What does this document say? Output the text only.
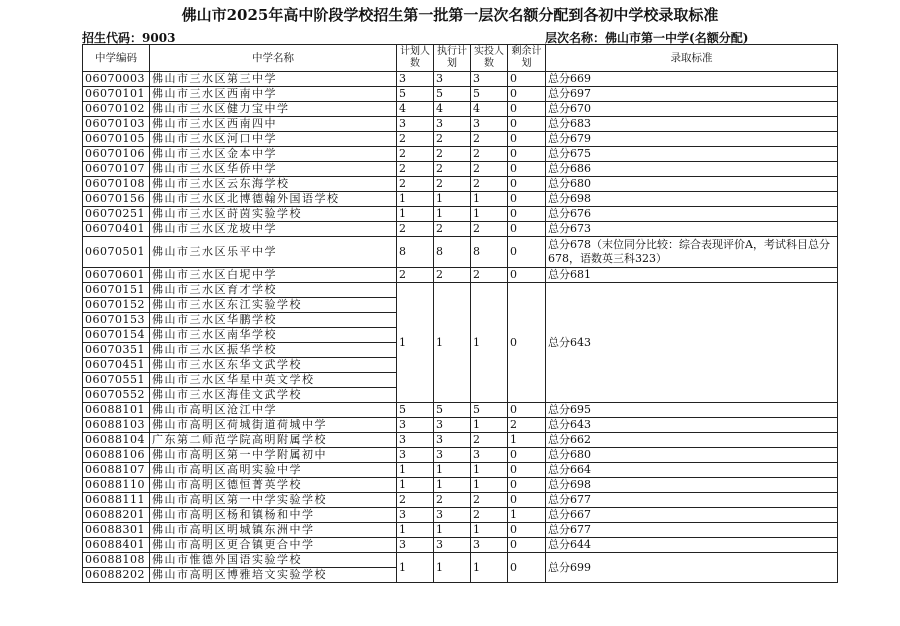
佛山市2025年高中阶段学校招生第一批第一层次名额分配到各初中学校录取标准
招生代码：9003	层次名称：佛山市第一中学(名额分配)
中学编码	中学名称	计划人数	执行计划	实投人数	剩余计划	录取标准
06070003	佛山市三水区第三中学	3	3	3	0	总分669
06070101	佛山市三水区西南中学	5	5	5	0	总分697
06070102	佛山市三水区健力宝中学	4	4	4	0	总分670
06070103	佛山市三水区西南四中	3	3	3	0	总分683
06070105	佛山市三水区河口中学	2	2	2	0	总分679
06070106	佛山市三水区金本中学	2	2	2	0	总分675
06070107	佛山市三水区华侨中学	2	2	2	0	总分686
06070108	佛山市三水区云东海学校	2	2	2	0	总分680
06070156	佛山市三水区北博德翰外国语学校	1	1	1	0	总分698
06070251	佛山市三水区莳茵实验学校	1	1	1	0	总分676
06070401	佛山市三水区龙坡中学	2	2	2	0	总分673
06070501	佛山市三水区乐平中学	8	8	8	0	总分678（末位同分比较：综合表现评价A，考试科目总分678，语数英三科323）
06070601	佛山市三水区白坭中学	2	2	2	0	总分681
06070151	佛山市三水区育才学校	1	1	1	0	总分643
06070152	佛山市三水区东江实验学校					
06070153	佛山市三水区华鹏学校					
06070154	佛山市三水区南华学校					
06070351	佛山市三水区振华学校					
06070451	佛山市三水区东华文武学校					
06070551	佛山市三水区华星中英文学校					
06070552	佛山市三水区海佳文武学校					
06088101	佛山市高明区沧江中学	5	5	5	0	总分695
06088103	佛山市高明区荷城街道荷城中学	3	3	1	2	总分643
06088104	广东第二师范学院高明附属学校	3	3	2	1	总分662
06088106	佛山市高明区第一中学附属初中	3	3	3	0	总分680
06088107	佛山市高明区高明实验中学	1	1	1	0	总分664
06088110	佛山市高明区德恒菁英学校	1	1	1	0	总分698
06088111	佛山市高明区第一中学实验学校	2	2	2	0	总分677
06088201	佛山市高明区杨和镇杨和中学	3	3	2	1	总分667
06088301	佛山市高明区明城镇东洲中学	1	1	1	0	总分677
06088401	佛山市高明区更合镇更合中学	3	3	3	0	总分644
06088108	佛山市惟德外国语实验学校	1	1	1	0	总分699
06088202	佛山市高明区博雅培文实验学校					
